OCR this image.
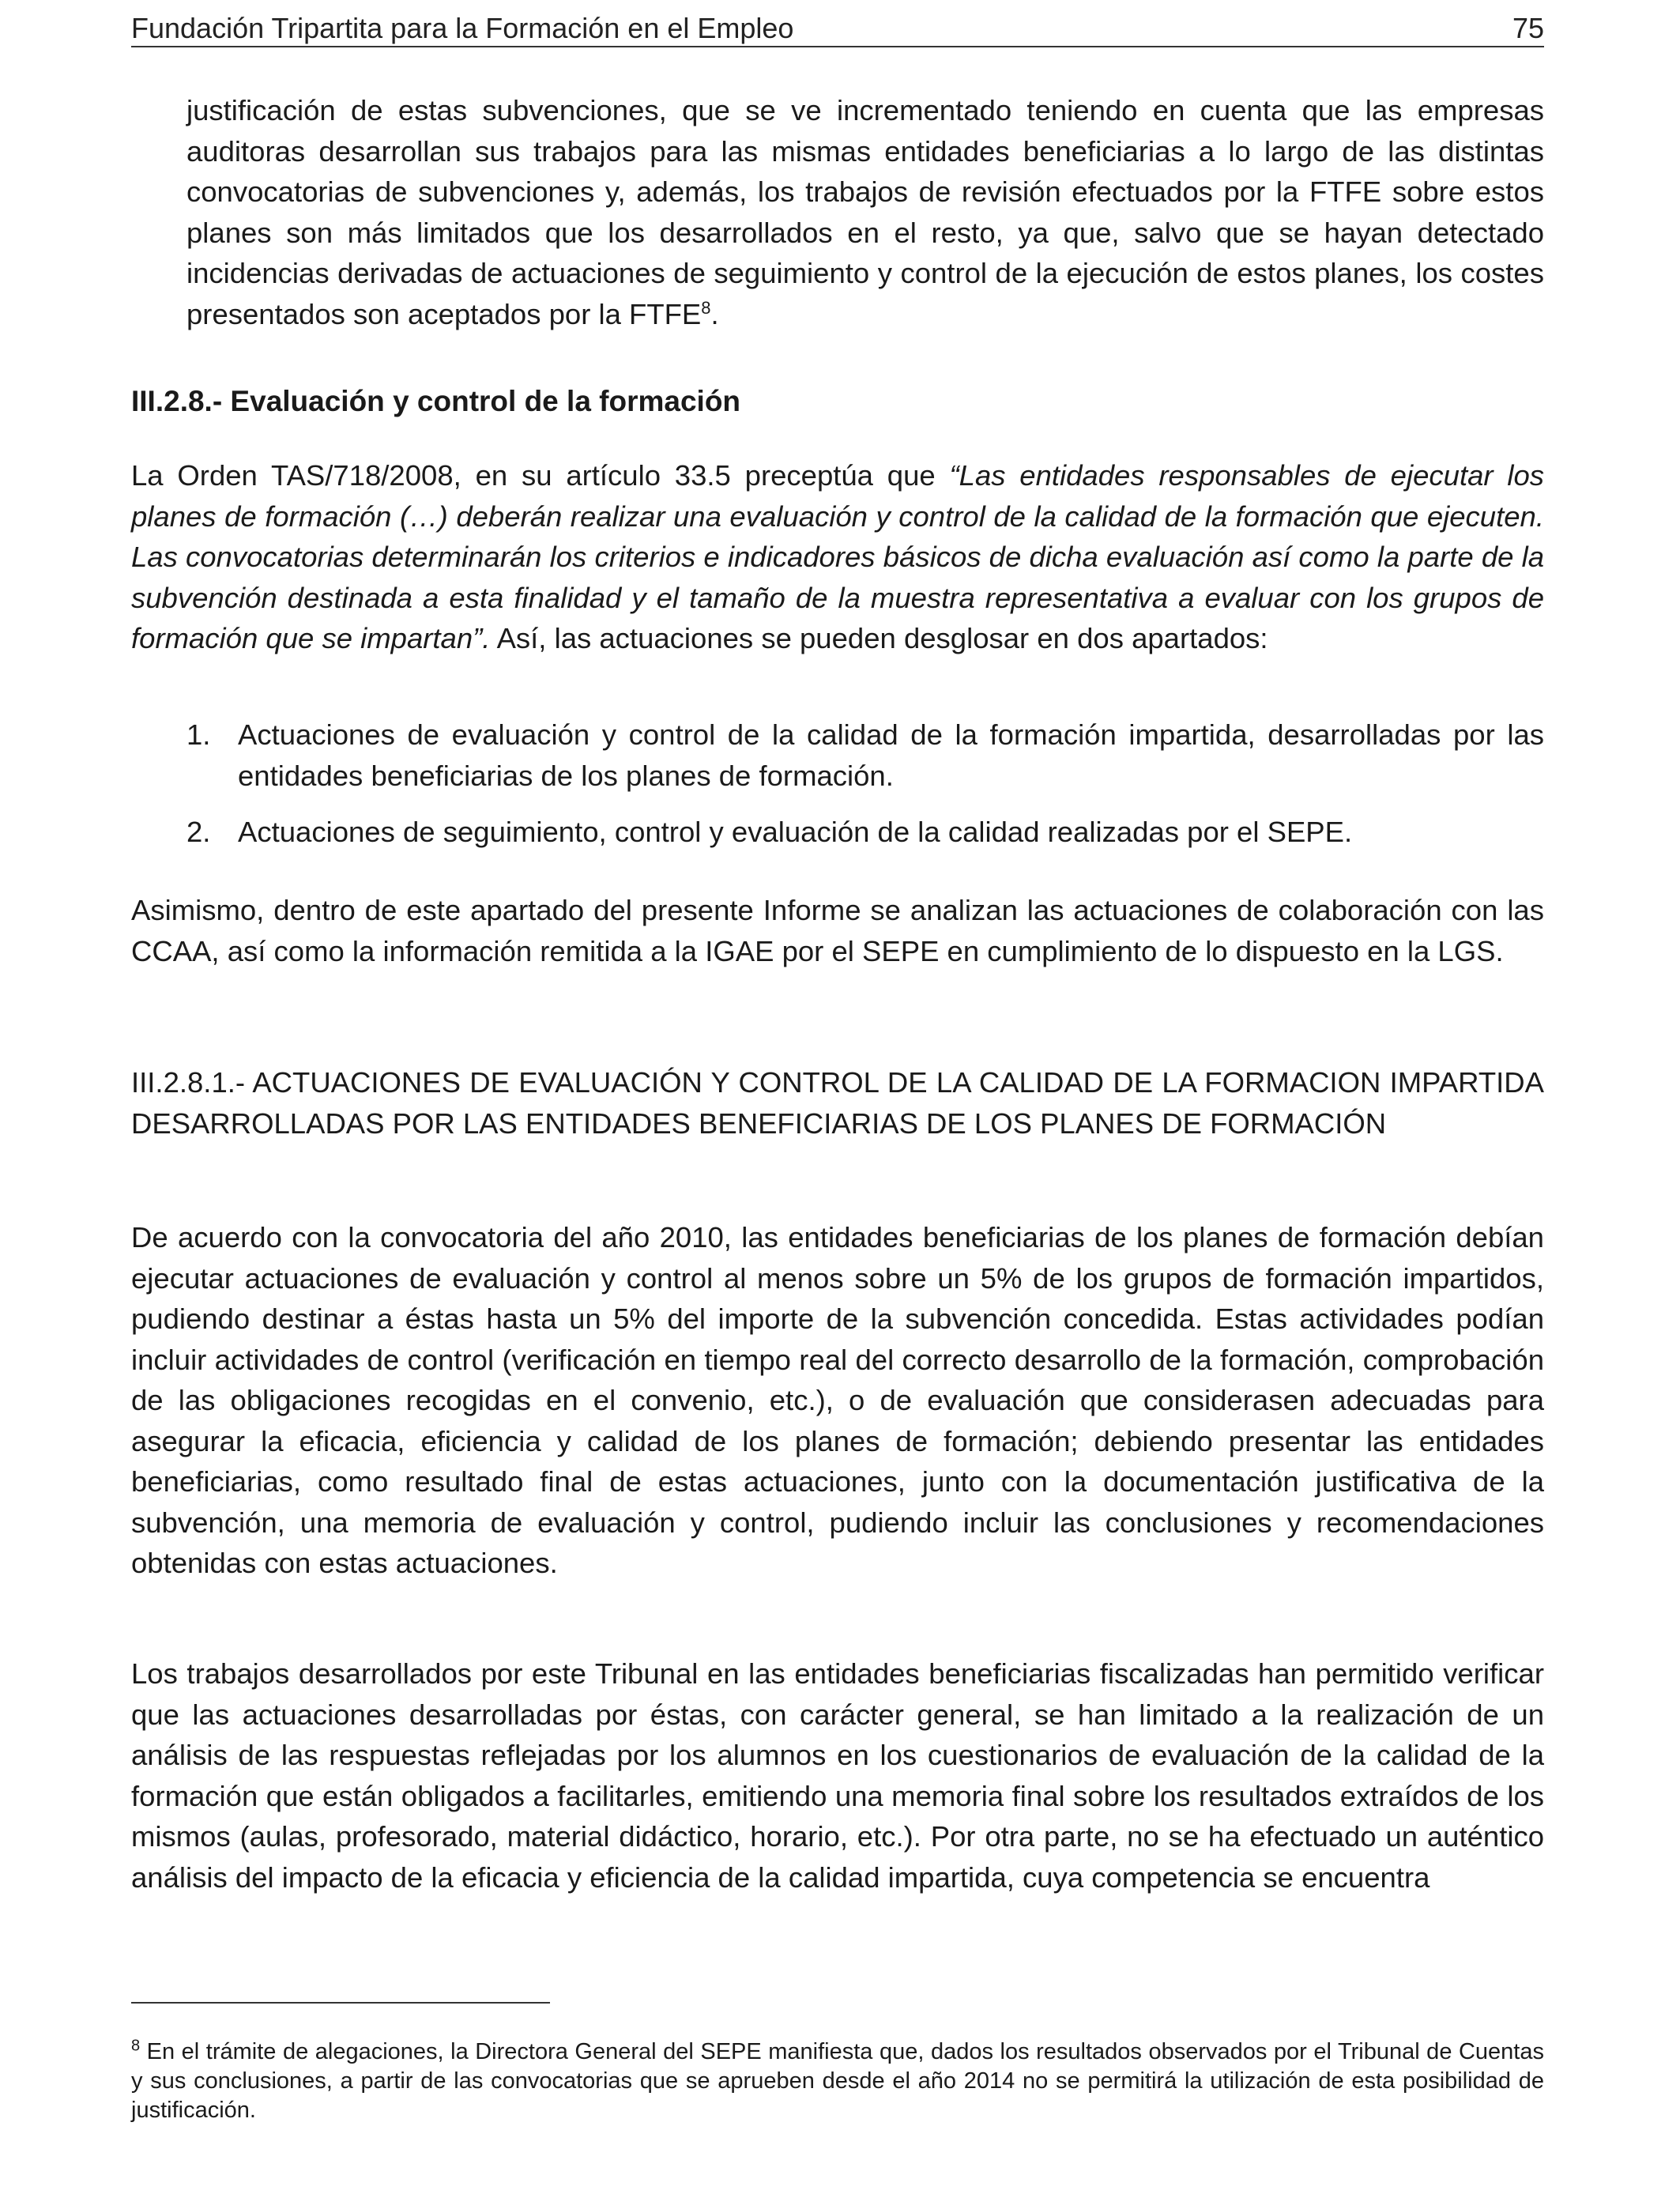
Fundación Tripartita para la Formación en el Empleo	75

justificación de estas subvenciones, que se ve incrementado teniendo en cuenta que las empresas auditoras desarrollan sus trabajos para las mismas entidades beneficiarias a lo largo de las distintas convocatorias de subvenciones y, además, los trabajos de revisión efectuados por la FTFE sobre estos planes son más limitados que los desarrollados en el resto, ya que, salvo que se hayan detectado incidencias derivadas de actuaciones de seguimiento y control de la ejecución de estos planes, los costes presentados son aceptados por la FTFE$^8$.

III.2.8.- Evaluación y control de la formación

La Orden TAS/718/2008, en su artículo 33.5 preceptúa que “Las entidades responsables de ejecutar los planes de formación (…) deberán realizar una evaluación y control de la calidad de la formación que ejecuten. Las convocatorias determinarán los criterios e indicadores básicos de dicha evaluación así como la parte de la subvención destinada a esta finalidad y el tamaño de la muestra representativa a evaluar con los grupos de formación que se impartan”. Así, las actuaciones se pueden desglosar en dos apartados:

1. Actuaciones de evaluación y control de la calidad de la formación impartida, desarrolladas por las entidades beneficiarias de los planes de formación.
2. Actuaciones de seguimiento, control y evaluación de la calidad realizadas por el SEPE.

Asimismo, dentro de este apartado del presente Informe se analizan las actuaciones de colaboración con las CCAA, así como la información remitida a la IGAE por el SEPE en cumplimiento de lo dispuesto en la LGS.

III.2.8.1.- ACTUACIONES DE EVALUACIÓN Y CONTROL DE LA CALIDAD DE LA FORMACION IMPARTIDA DESARROLLADAS POR LAS ENTIDADES BENEFICIARIAS DE LOS PLANES DE FORMACIÓN

De acuerdo con la convocatoria del año 2010, las entidades beneficiarias de los planes de formación debían ejecutar actuaciones de evaluación y control al menos sobre un 5% de los grupos de formación impartidos, pudiendo destinar a éstas hasta un 5% del importe de la subvención concedida. Estas actividades podían incluir actividades de control (verificación en tiempo real del correcto desarrollo de la formación, comprobación de las obligaciones recogidas en el convenio, etc.), o de evaluación que considerasen adecuadas para asegurar la eficacia, eficiencia y calidad de los planes de formación; debiendo presentar las entidades beneficiarias, como resultado final de estas actuaciones, junto con la documentación justificativa de la subvención, una memoria de evaluación y control, pudiendo incluir las conclusiones y recomendaciones obtenidas con estas actuaciones.

Los trabajos desarrollados por este Tribunal en las entidades beneficiarias fiscalizadas han permitido verificar que las actuaciones desarrolladas por éstas, con carácter general, se han limitado a la realización de un análisis de las respuestas reflejadas por los alumnos en los cuestionarios de evaluación de la calidad de la formación que están obligados a facilitarles, emitiendo una memoria final sobre los resultados extraídos de los mismos (aulas, profesorado, material didáctico, horario, etc.). Por otra parte, no se ha efectuado un auténtico análisis del impacto de la eficacia y eficiencia de la calidad impartida, cuya competencia se encuentra

$^8$ En el trámite de alegaciones, la Directora General del SEPE manifiesta que, dados los resultados observados por el Tribunal de Cuentas y sus conclusiones, a partir de las convocatorias que se aprueben desde el año 2014 no se permitirá la utilización de esta posibilidad de justificación.
